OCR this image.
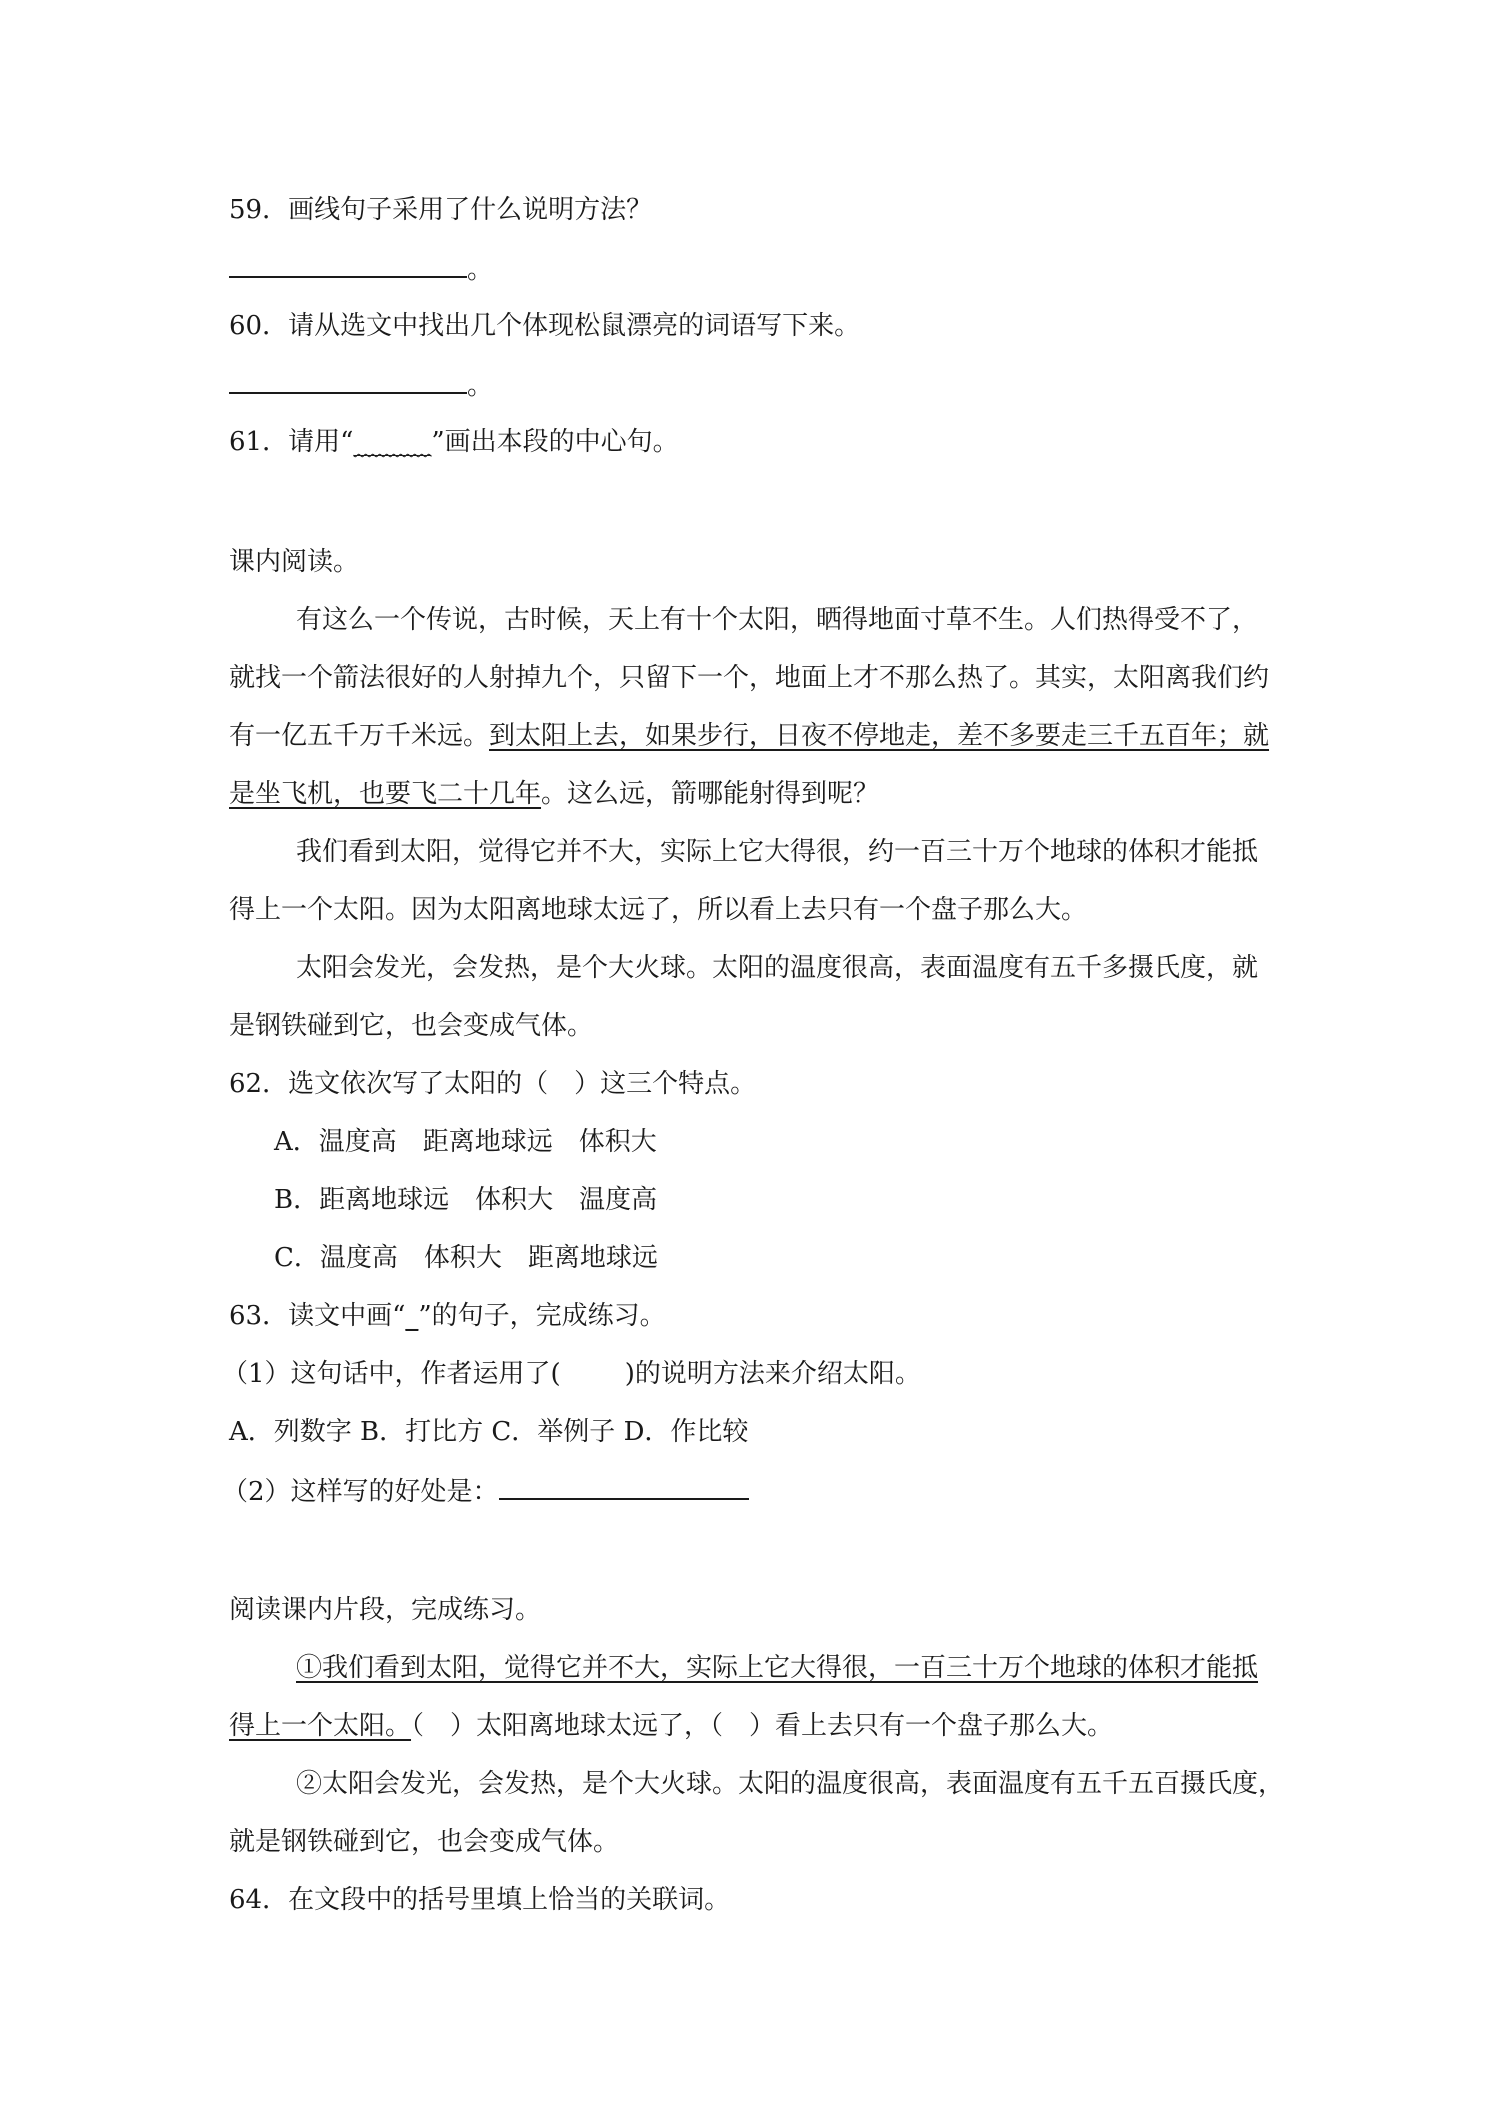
59．画线句子采用了什么说明方法？
。
60．请从选文中找出几个体现松鼠漂亮的词语写下来。
。
61．请用“______”画出本段的中心句。
课内阅读。
有这么一个传说，古时候，天上有十个太阳，晒得地面寸草不生。人们热得受不了，
就找一个箭法很好的人射掉九个，只留下一个，地面上才不那么热了。其实，太阳离我们约
有一亿五千万千米远。到太阳上去，如果步行，日夜不停地走，差不多要走三千五百年；就
是坐飞机，也要飞二十几年。这么远，箭哪能射得到呢？
我们看到太阳，觉得它并不大，实际上它大得很，约一百三十万个地球的体积才能抵
得上一个太阳。因为太阳离地球太远了，所以看上去只有一个盘子那么大。
太阳会发光，会发热，是个大火球。太阳的温度很高，表面温度有五千多摄氏度，就
是钢铁碰到它，也会变成气体。
62．选文依次写了太阳的（　）这三个特点。
A．温度高　距离地球远　体积大
B．距离地球远　体积大　温度高
C．温度高　体积大　距离地球远
63．读文中画“_”的句子，完成练习。
（1）这句话中，作者运用了( )的说明方法来介绍太阳。
A．列数字 B．打比方 C．举例子 D．作比较
（2）这样写的好处是：
阅读课内片段，完成练习。
①我们看到太阳，觉得它并不大，实际上它大得很，一百三十万个地球的体积才能抵
得上一个太阳。（　）太阳离地球太远了，（　）看上去只有一个盘子那么大。
②太阳会发光，会发热，是个大火球。太阳的温度很高，表面温度有五千五百摄氏度，
就是钢铁碰到它，也会变成气体。
64．在文段中的括号里填上恰当的关联词。
